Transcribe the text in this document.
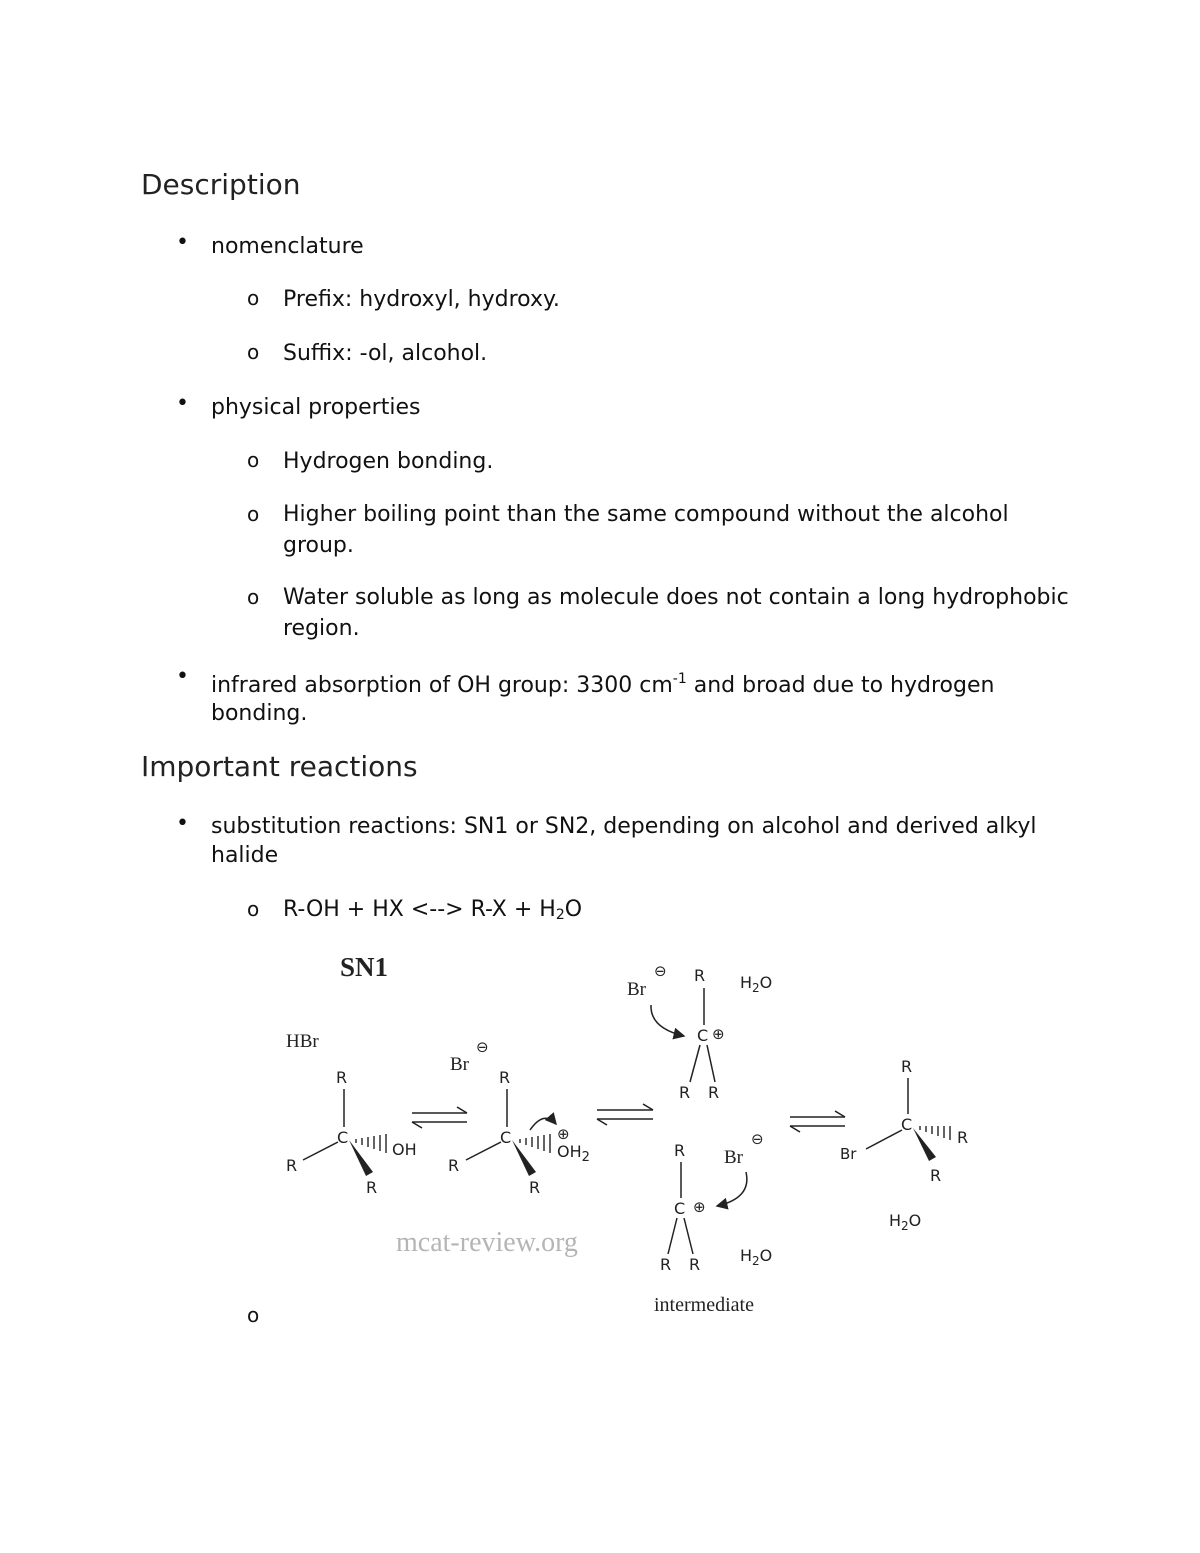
Description
Important reactions
• nomenclature

o Prefix: hydroxyl, hydroxy.

o Suffix: -ol, alcohol.

• physical properties

o Hydrogen bonding.

o Higher boiling point than the same compound without the alcohol group.

o Water soluble as long as molecule does not contain a long hydrophobic region.

• infrared absorption of OH group: 3300 $cm^{-1}$ and broad due to hydrogen bonding.

• substitution reactions: SN1 or SN2, depending on alcohol and derived alkyl halide

o R-OH + HX <--> $R-X + H_2O$

o
SN1
HBr
R
C
R
R
OH
Br
⊖
R
C
R
R
$OH_2$
⊕
Br
⊖ R
C ⊕
R R
$H_2O$
R
C ⊕
R R
Br
⊖
$H_2O$
R
C
Br
R
R
$H_2O$
mcat-review.org
intermediate
